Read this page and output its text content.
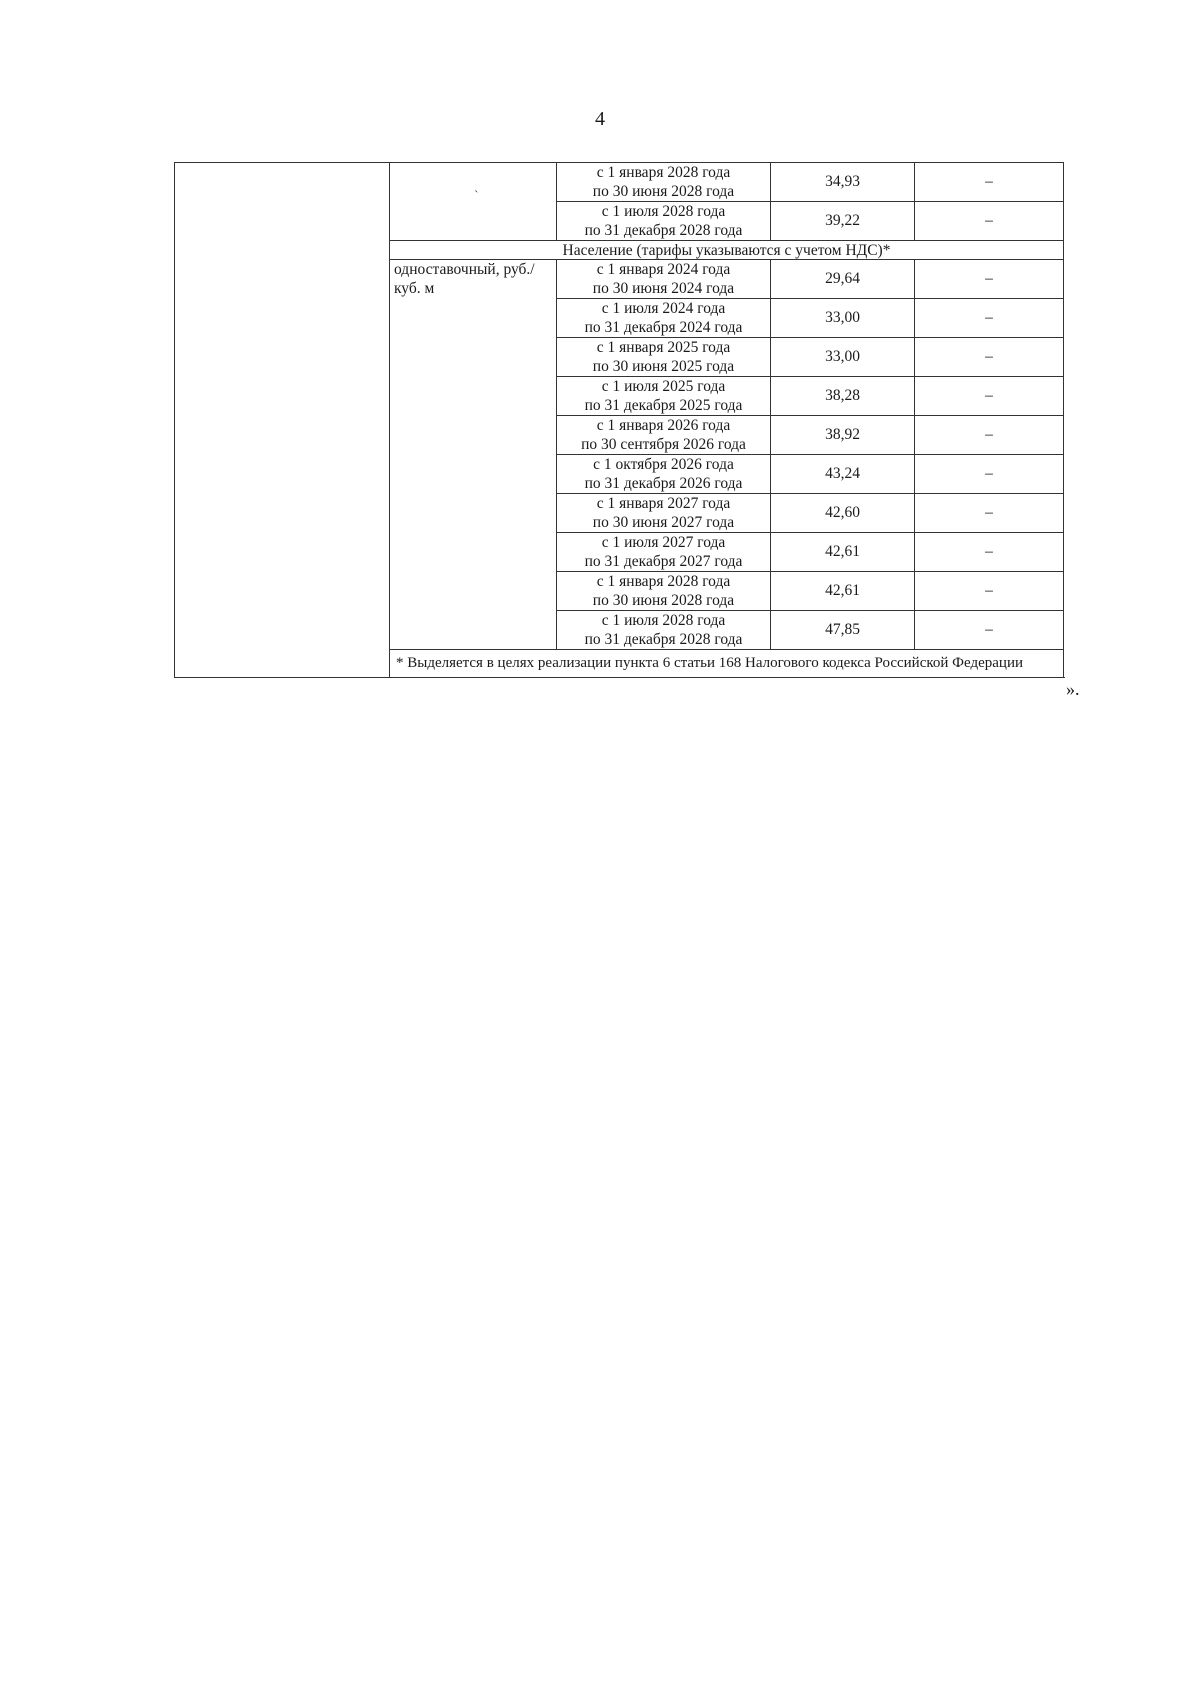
4
	`	с 1 января 2028 года
по 30 июня 2028 года	34,93	–
		с 1 июля 2028 года
по 31 декабря 2028 года	39,22	–
	Население (тарифы указываются с учетом НДС)*			
	одноставочный, руб./куб. м	с 1 января 2024 года
по 30 июня 2024 года	29,64	–
		с 1 июля 2024 года
по 31 декабря 2024 года	33,00	–
		с 1 января 2025 года
по 30 июня 2025 года	33,00	–
		с 1 июля 2025 года
по 31 декабря 2025 года	38,28	–
		с 1 января 2026 года
по 30 сентября 2026 года	38,92	–
		с 1 октября 2026 года
по 31 декабря 2026 года	43,24	–
		с 1 января 2027 года
по 30 июня 2027 года	42,60	–
		с 1 июля 2027 года
по 31 декабря 2027 года	42,61	–
		с 1 января 2028 года
по 30 июня 2028 года	42,61	–
		с 1 июля 2028 года
по 31 декабря 2028 года	47,85	–
	* Выделяется в целях реализации пункта 6 статьи 168 Налогового кодекса Российской Федерации			
».
